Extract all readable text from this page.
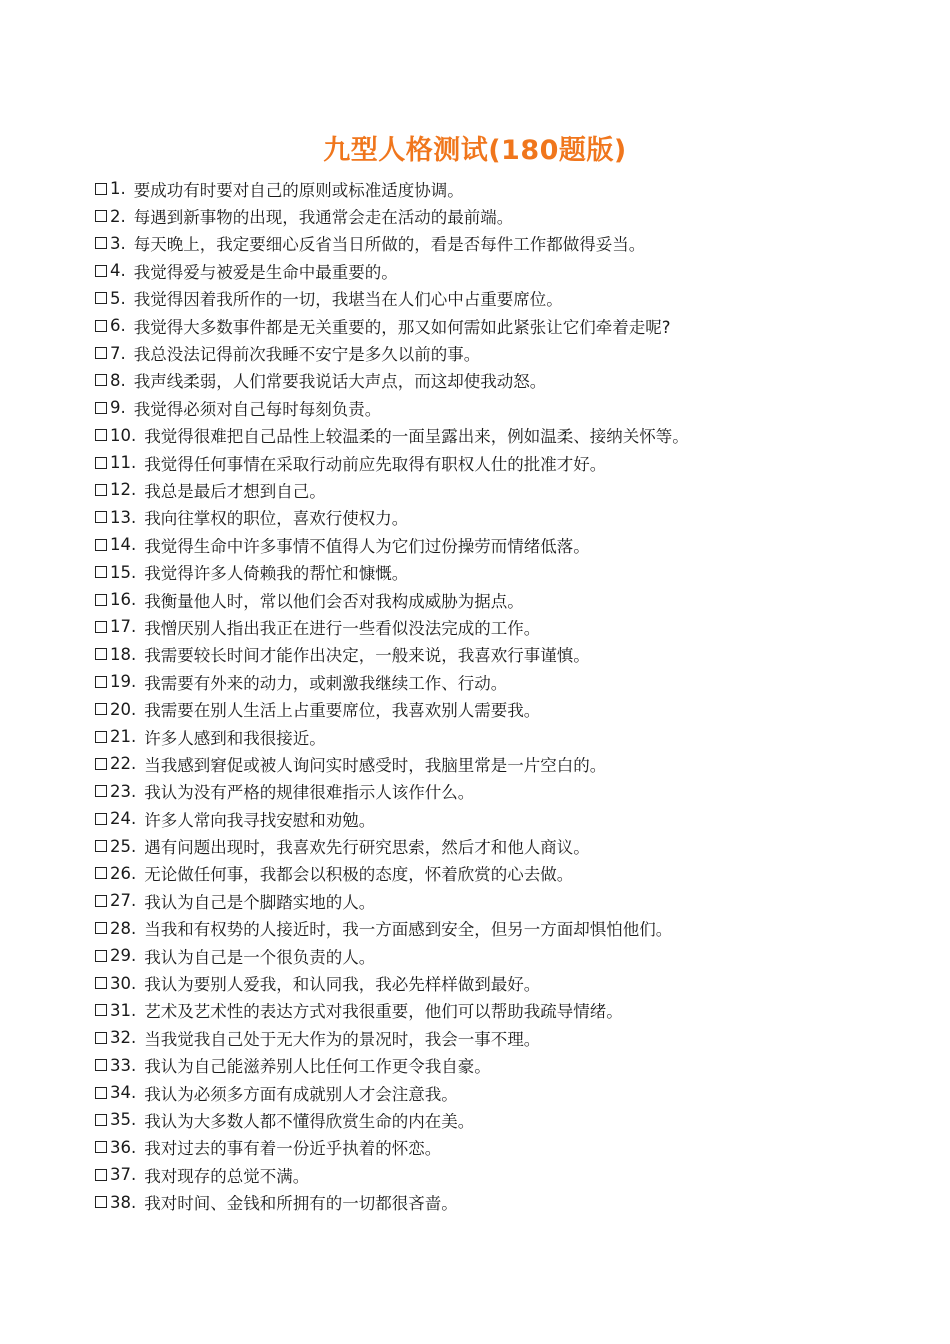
九型人格测试(180题版)
1. 要成功有时要对自己的原则或标准适度协调。
2. 每遇到新事物的出现，我通常会走在活动的最前端。
3. 每天晚上，我定要细心反省当日所做的，看是否每件工作都做得妥当。
4. 我觉得爱与被爱是生命中最重要的。
5. 我觉得因着我所作的一切，我堪当在人们心中占重要席位。
6. 我觉得大多数事件都是无关重要的，那又如何需如此紧张让它们牵着走呢?
7. 我总没法记得前次我睡不安宁是多久以前的事。
8. 我声线柔弱，人们常要我说话大声点，而这却使我动怒。
9. 我觉得必须对自己每时每刻负责。
10. 我觉得很难把自己品性上较温柔的一面呈露出来，例如温柔、接纳关怀等。
11. 我觉得任何事情在采取行动前应先取得有职权人仕的批准才好。
12. 我总是最后才想到自己。
13. 我向往掌权的职位，喜欢行使权力。
14. 我觉得生命中许多事情不值得人为它们过份操劳而情绪低落。
15. 我觉得许多人倚赖我的帮忙和慷慨。
16. 我衡量他人时，常以他们会否对我构成威胁为据点。
17. 我憎厌别人指出我正在进行一些看似没法完成的工作。
18. 我需要较长时间才能作出决定，一般来说，我喜欢行事谨慎。
19. 我需要有外来的动力，或刺激我继续工作、行动。
20. 我需要在别人生活上占重要席位，我喜欢别人需要我。
21. 许多人感到和我很接近。
22. 当我感到窘促或被人询问实时感受时，我脑里常是一片空白的。
23. 我认为没有严格的规律很难指示人该作什么。
24. 许多人常向我寻找安慰和劝勉。
25. 遇有问题出现时，我喜欢先行研究思索，然后才和他人商议。
26. 无论做任何事，我都会以积极的态度，怀着欣赏的心去做。
27. 我认为自己是个脚踏实地的人。
28. 当我和有权势的人接近时，我一方面感到安全，但另一方面却惧怕他们。
29. 我认为自己是一个很负责的人。
30. 我认为要别人爱我，和认同我，我必先样样做到最好。
31. 艺术及艺术性的表达方式对我很重要，他们可以帮助我疏导情绪。
32. 当我觉我自己处于无大作为的景况时，我会一事不理。
33. 我认为自己能滋养别人比任何工作更令我自豪。
34. 我认为必须多方面有成就别人才会注意我。
35. 我认为大多数人都不懂得欣赏生命的内在美。
36. 我对过去的事有着一份近乎执着的怀恋。
37. 我对现存的总觉不满。
38. 我对时间、金钱和所拥有的一切都很吝啬。
